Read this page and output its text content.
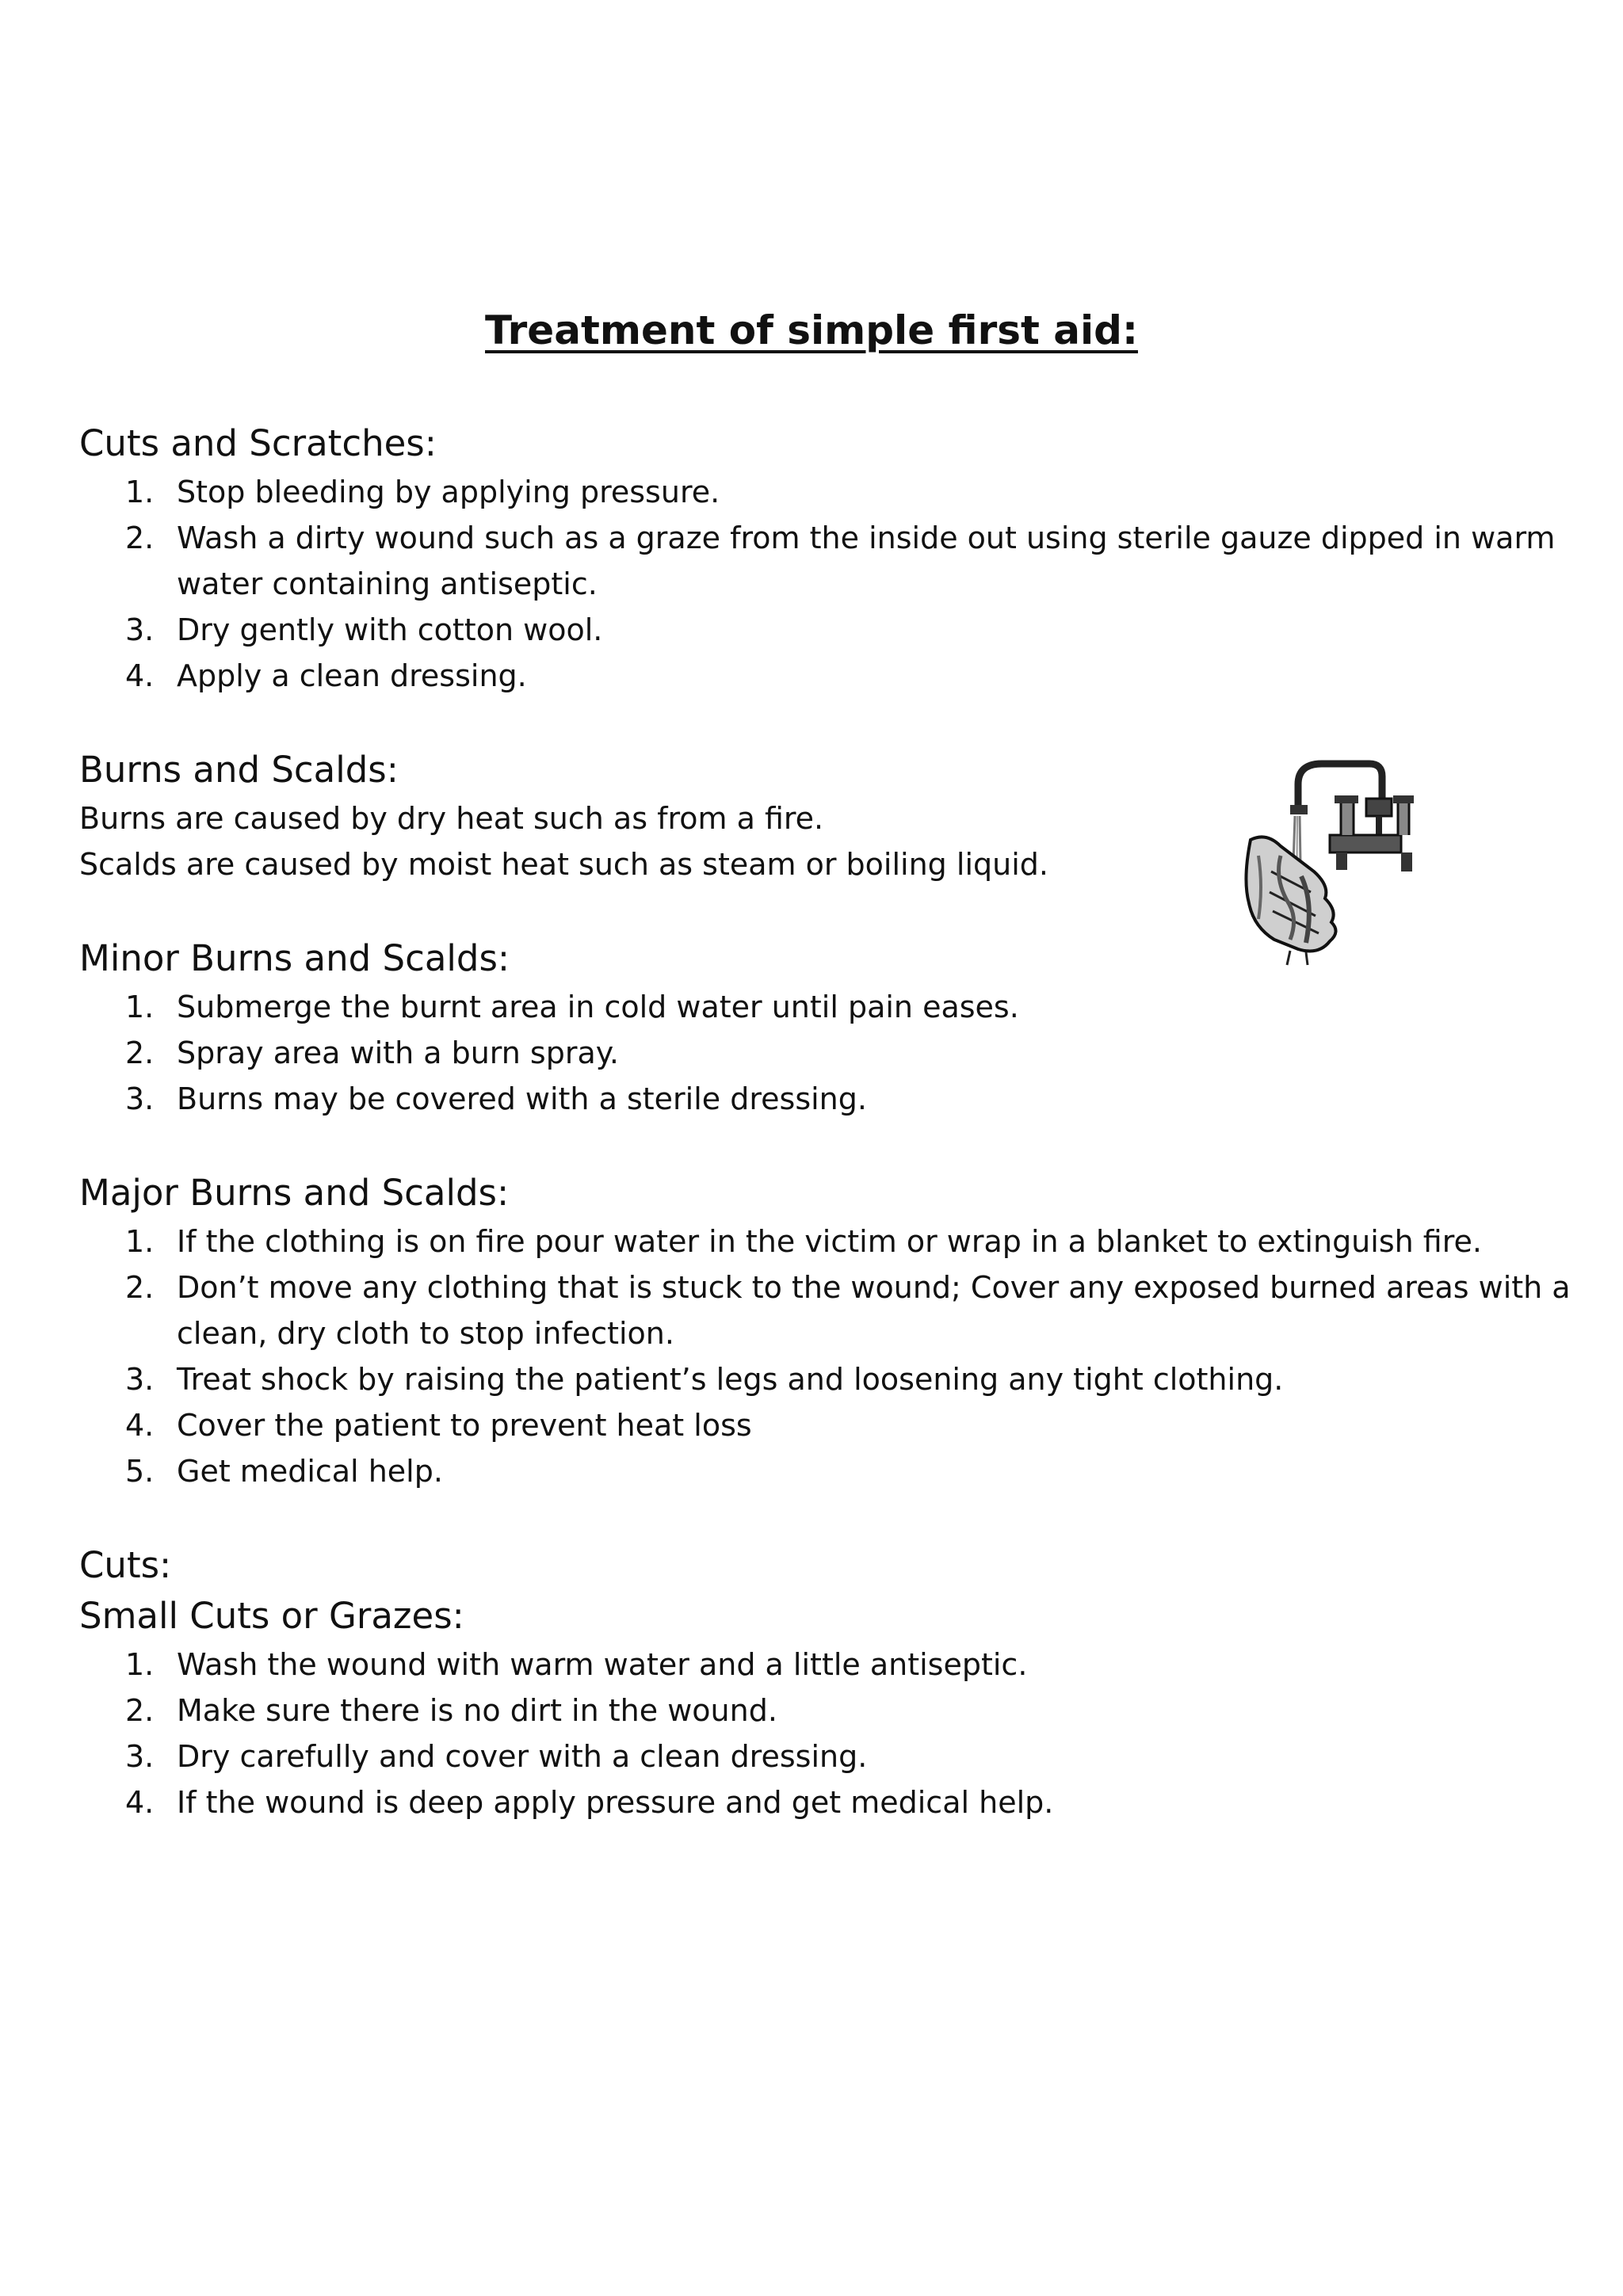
Treatment of simple first aid:
Cuts and Scratches:
1. Stop bleeding by applying pressure.
2. Wash a dirty wound such as a graze from the inside out using sterile gauze dipped in warm water containing antiseptic.
3. Dry gently with cotton wool.
4. Apply a clean dressing.
Burns and Scalds:

Burns are caused by dry heat such as from a fire.

Scalds are caused by moist heat such as steam or boiling liquid.

Minor Burns and Scalds:
1. Submerge the burnt area in cold water until pain eases.
2. Spray area with a burn spray.
3. Burns may be covered with a sterile dressing.
Major Burns and Scalds:
1. If the clothing is on fire pour water in the victim or wrap in a blanket to extinguish fire.
2. Don’t move any clothing that is stuck to the wound; Cover any exposed burned areas with a clean, dry cloth to stop infection.
3. Treat shock by raising the patient’s legs and loosening any tight clothing.
4. Cover the patient to prevent heat loss
5. Get medical help.
Cuts:
Small Cuts or Grazes:
1. Wash the wound with warm water and a little antiseptic.
2. Make sure there is no dirt in the wound.
3. Dry carefully and cover with a clean dressing.
4. If the wound is deep apply pressure and get medical help.
